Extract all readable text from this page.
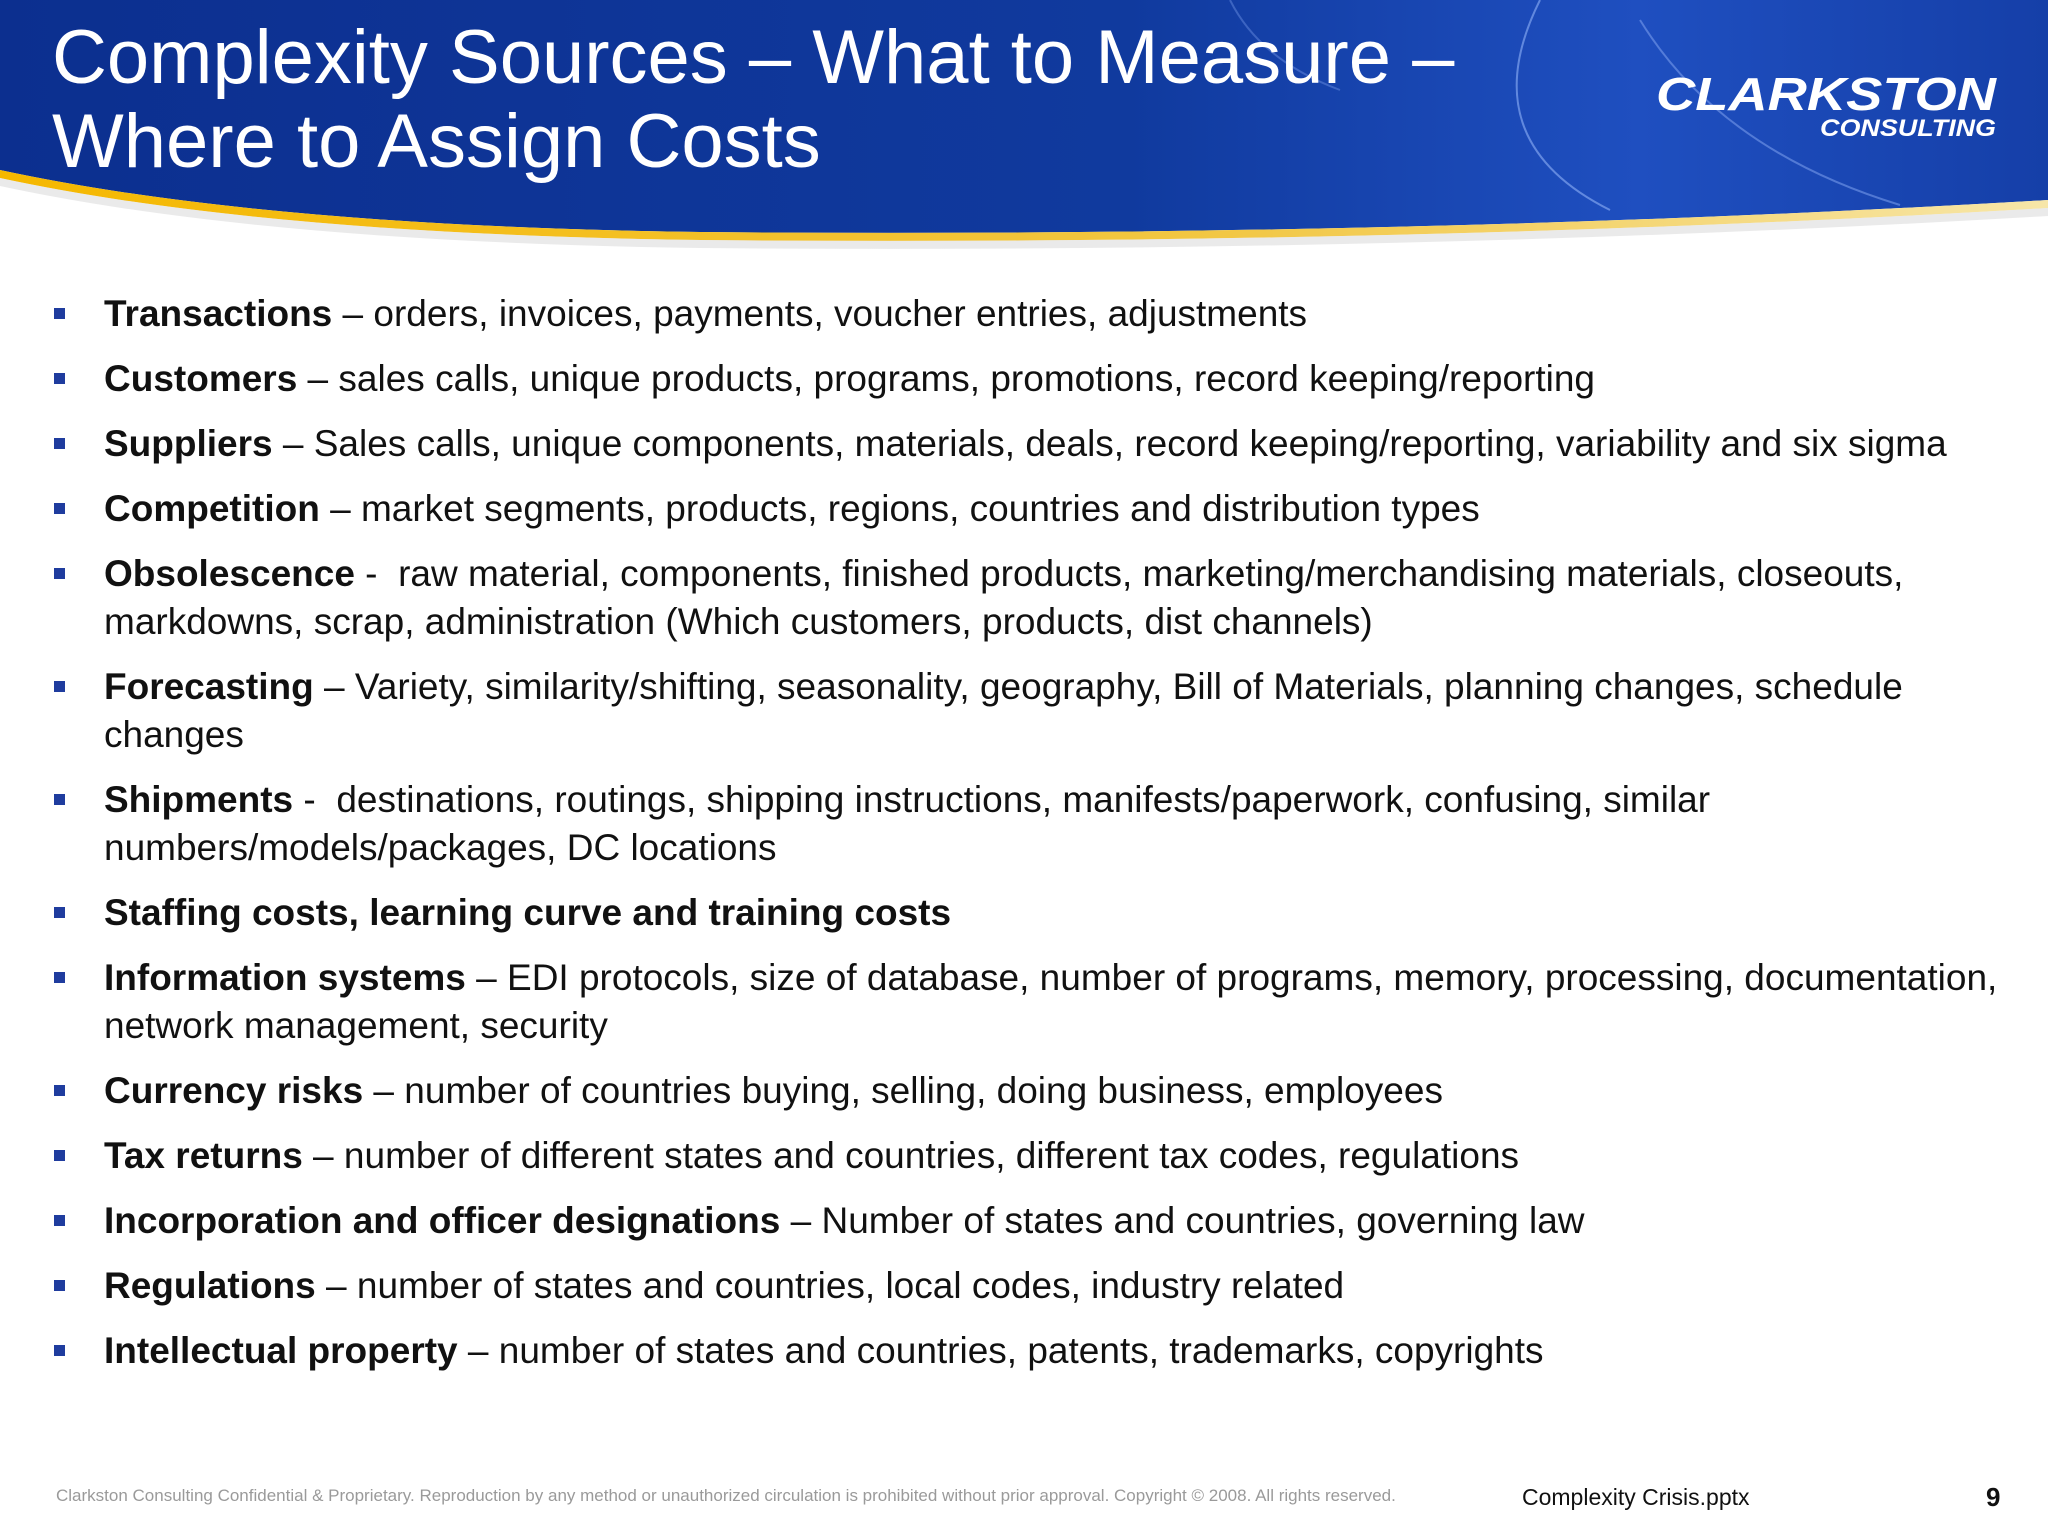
Complexity Sources – What to Measure –
Where to Assign Costs
CLARKSTON
CONSULTING
Transactions – orders, invoices, payments, voucher entries, adjustments
Customers – sales calls, unique products, programs, promotions, record keeping/reporting
Suppliers – Sales calls, unique components, materials, deals, record keeping/reporting, variability and six sigma
Competition – market segments, products, regions, countries and distribution types
Obsolescence -  raw material, components, finished products, marketing/merchandising materials, closeouts, markdowns, scrap, administration (Which customers, products, dist channels)
Forecasting – Variety, similarity/shifting, seasonality, geography, Bill of Materials, planning changes, schedule changes
Shipments -  destinations, routings, shipping instructions, manifests/paperwork, confusing, similar numbers/models/packages, DC locations
Staffing costs, learning curve and training costs
Information systems – EDI protocols, size of database, number of programs, memory, processing, documentation, network management, security
Currency risks – number of countries buying, selling, doing business, employees
Tax returns – number of different states and countries, different tax codes, regulations
Incorporation and officer designations – Number of states and countries, governing law
Regulations – number of states and countries, local codes, industry related
Intellectual property – number of states and countries, patents, trademarks, copyrights
Clarkston Consulting Confidential & Proprietary. Reproduction by any method or unauthorized circulation is prohibited without prior approval. Copyright © 2008. All rights reserved.	Complexity Crisis.pptx	9
